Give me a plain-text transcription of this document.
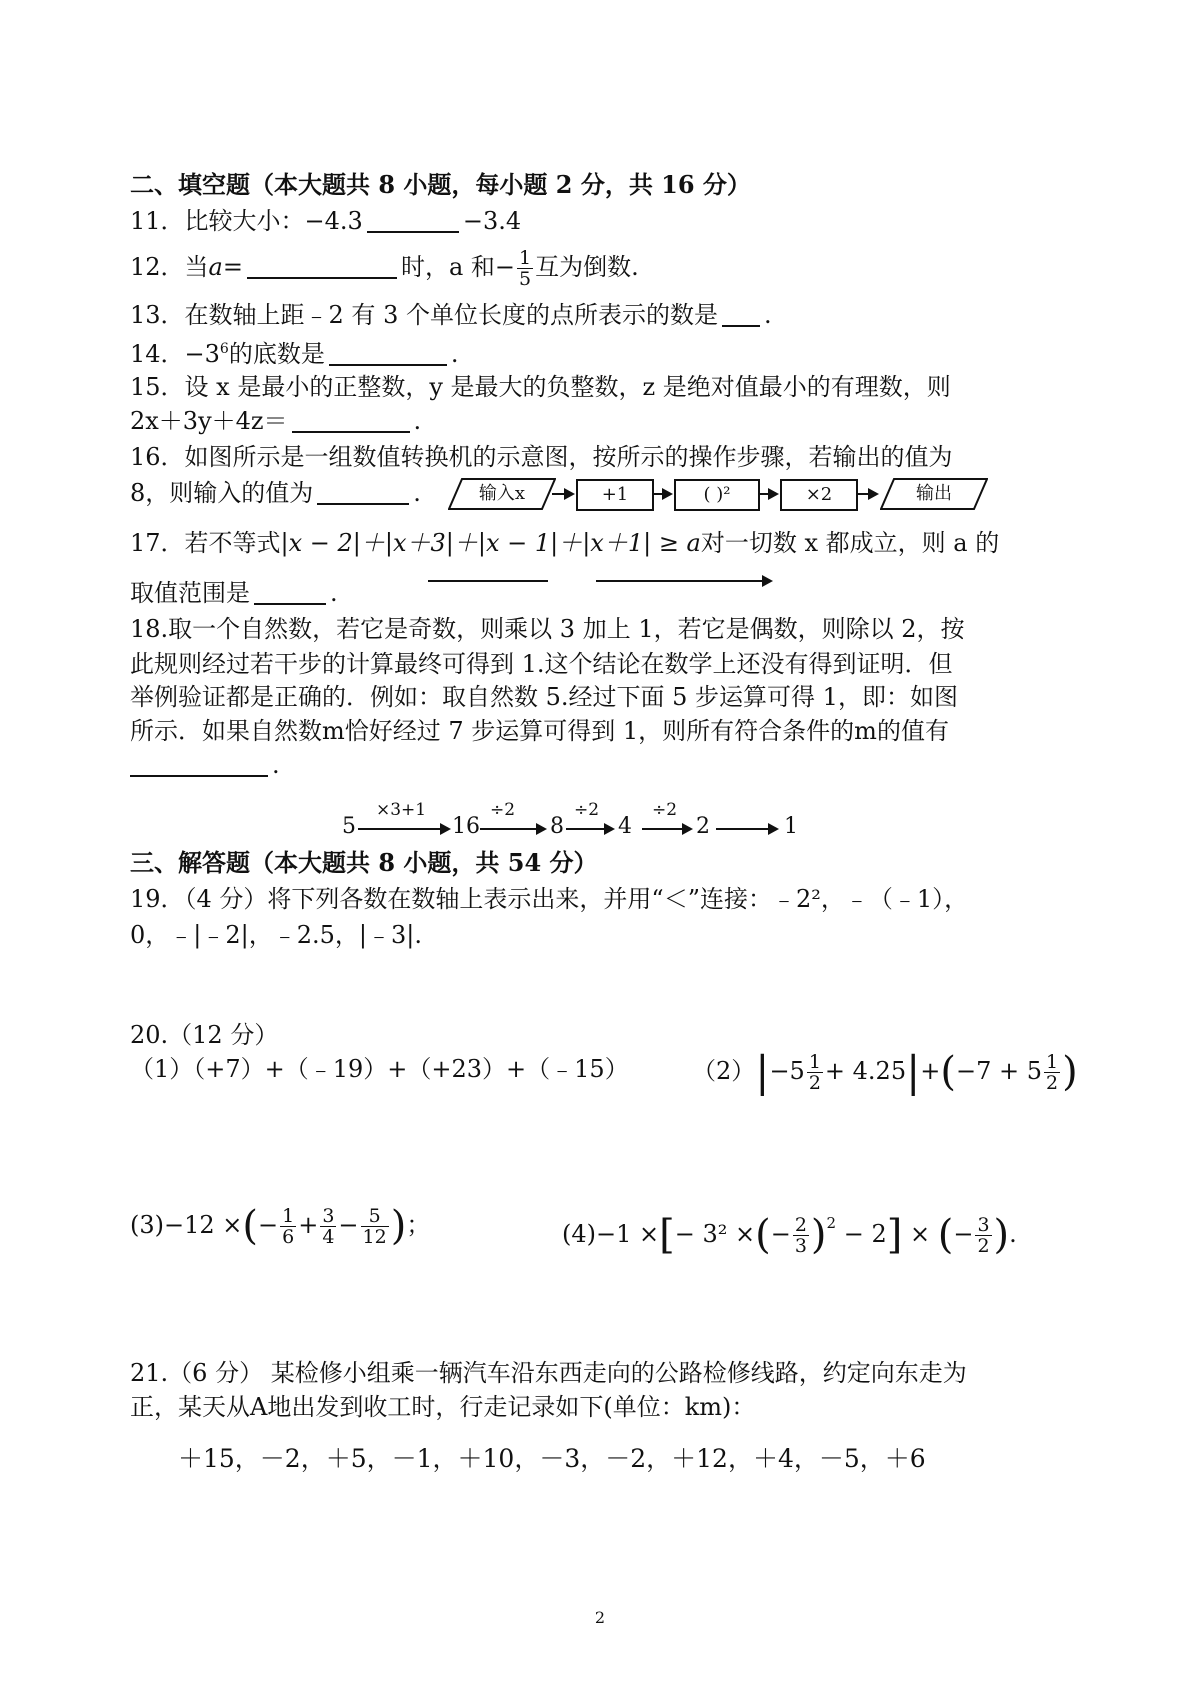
二、填空题（本大题共 8 小题，每小题 2 分，共 16 分）
11．比较大小：−4.3	−3.4
12．当a=	时，a 和− $\frac{1}{5}$ 互为倒数.
13．在数轴上距﹣2 有 3 个单位长度的点所表示的数是 .
14．$-3^6$的底数是	.
15．设 x 是最小的正整数，y 是最大的负整数，z 是绝对值最小的有理数，则
2x＋3y＋4z＝	.
16．如图所示是一组数值转换机的示意图，按所示的操作步骤，若输出的值为
8，则输入的值为	.	输入x	+1	( )²	×2	输出
17．若不等式|x − 2|＋|x＋3|＋|x − 1|＋|x＋1| ≥ a对一切数 x 都成立，则 a 的
取值范围是	.
18.取一个自然数，若它是奇数，则乘以 3 加上 1，若它是偶数，则除以 2，按
此规则经过若干步的计算最终可得到 1.这个结论在数学上还没有得到证明．但
举例验证都是正确的．例如：取自然数 5.经过下面 5 步运算可得 1，即：如图
所示．如果自然数m恰好经过 7 步运算可得到 1，则所有符合条件的m的值有
.
5
×3+1
16
÷2
8
÷2
4
÷2
2	1
三、解答题（本大题共 8 小题，共 54 分）
19．（4 分）将下列各数在数轴上表示出来，并用“＜”连接：﹣2²，﹣（﹣1），
0，﹣|﹣2|，﹣2.5，|﹣3|.
20.（12 分）
（1）（+7）+（﹣19）+（+23）+（﹣15）	$(2)|-5 \frac{1}{2} + 4.25|+(-7 + 5 \frac{1}{2}$ )
(3)−12 ×(− $\frac{1}{6} + \frac{3}{4} - \frac{5}{12}$ )；	(4)−1 ×[− 3² ×(− $\frac{2}{3} )^2 - 2$] × (− $\frac{3}{2}$ ).
21.（6 分） 某检修小组乘一辆汽车沿东西走向的公路检修线路，约定向东走为
正，某天从A地出发到收工时，行走记录如下(单位：km)：
＋15，－2，＋5，－1，＋10，－3，－2，＋12，＋4，－5，＋6
2
